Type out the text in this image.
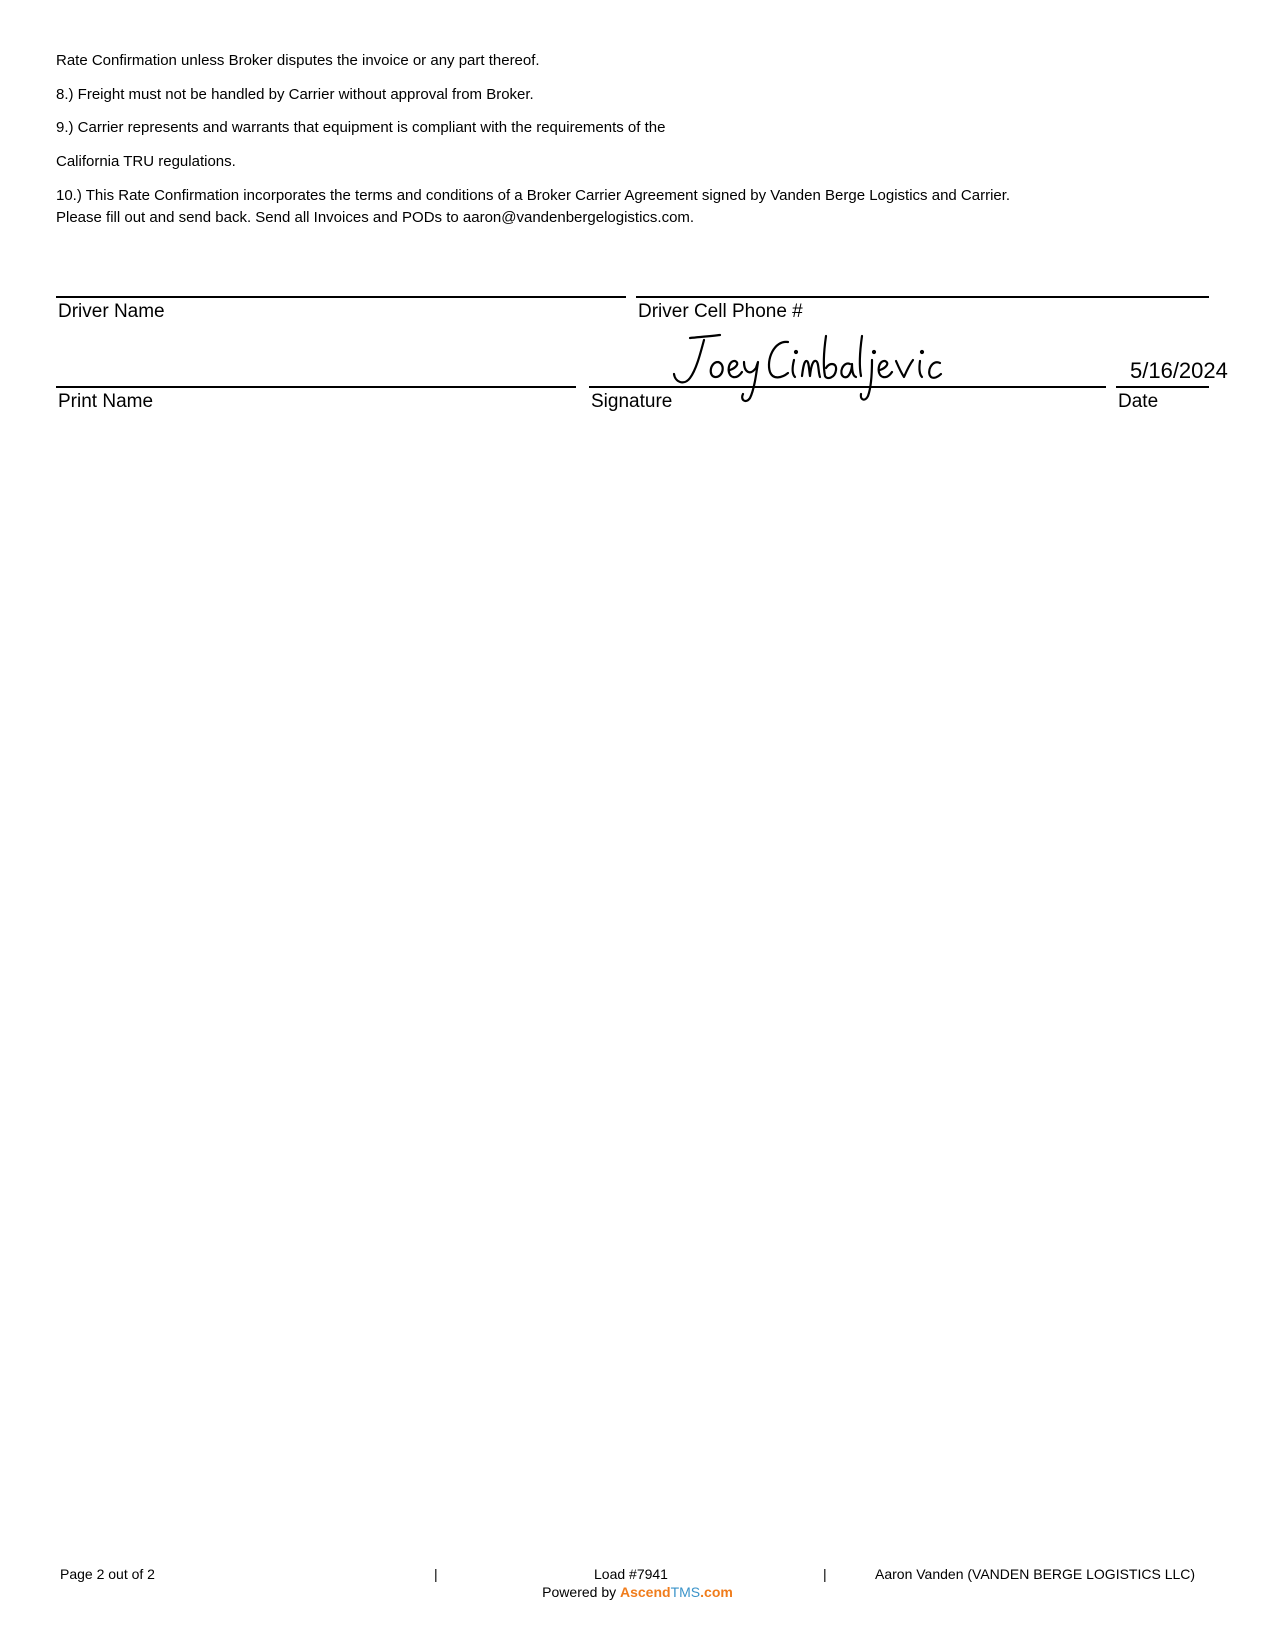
Rate Confirmation unless Broker disputes the invoice or any part thereof.

8.) Freight must not be handled by Carrier without approval from Broker.

9.) Carrier represents and warrants that equipment is compliant with the requirements of the

California TRU regulations.

10.) This Rate Confirmation incorporates the terms and conditions of a Broker Carrier Agreement signed by Vanden Berge Logistics and Carrier.

Please fill out and send back. Send all Invoices and PODs to aaron@vandenbergelogistics.com.

Driver Name	Driver Cell Phone #
5/16/2024
Print Name	Signature	Date
Page 2 out of 2	|	Load #7941	|	Aaron Vanden (VANDEN BERGE LOGISTICS LLC)
Powered by AscendTMS.com
